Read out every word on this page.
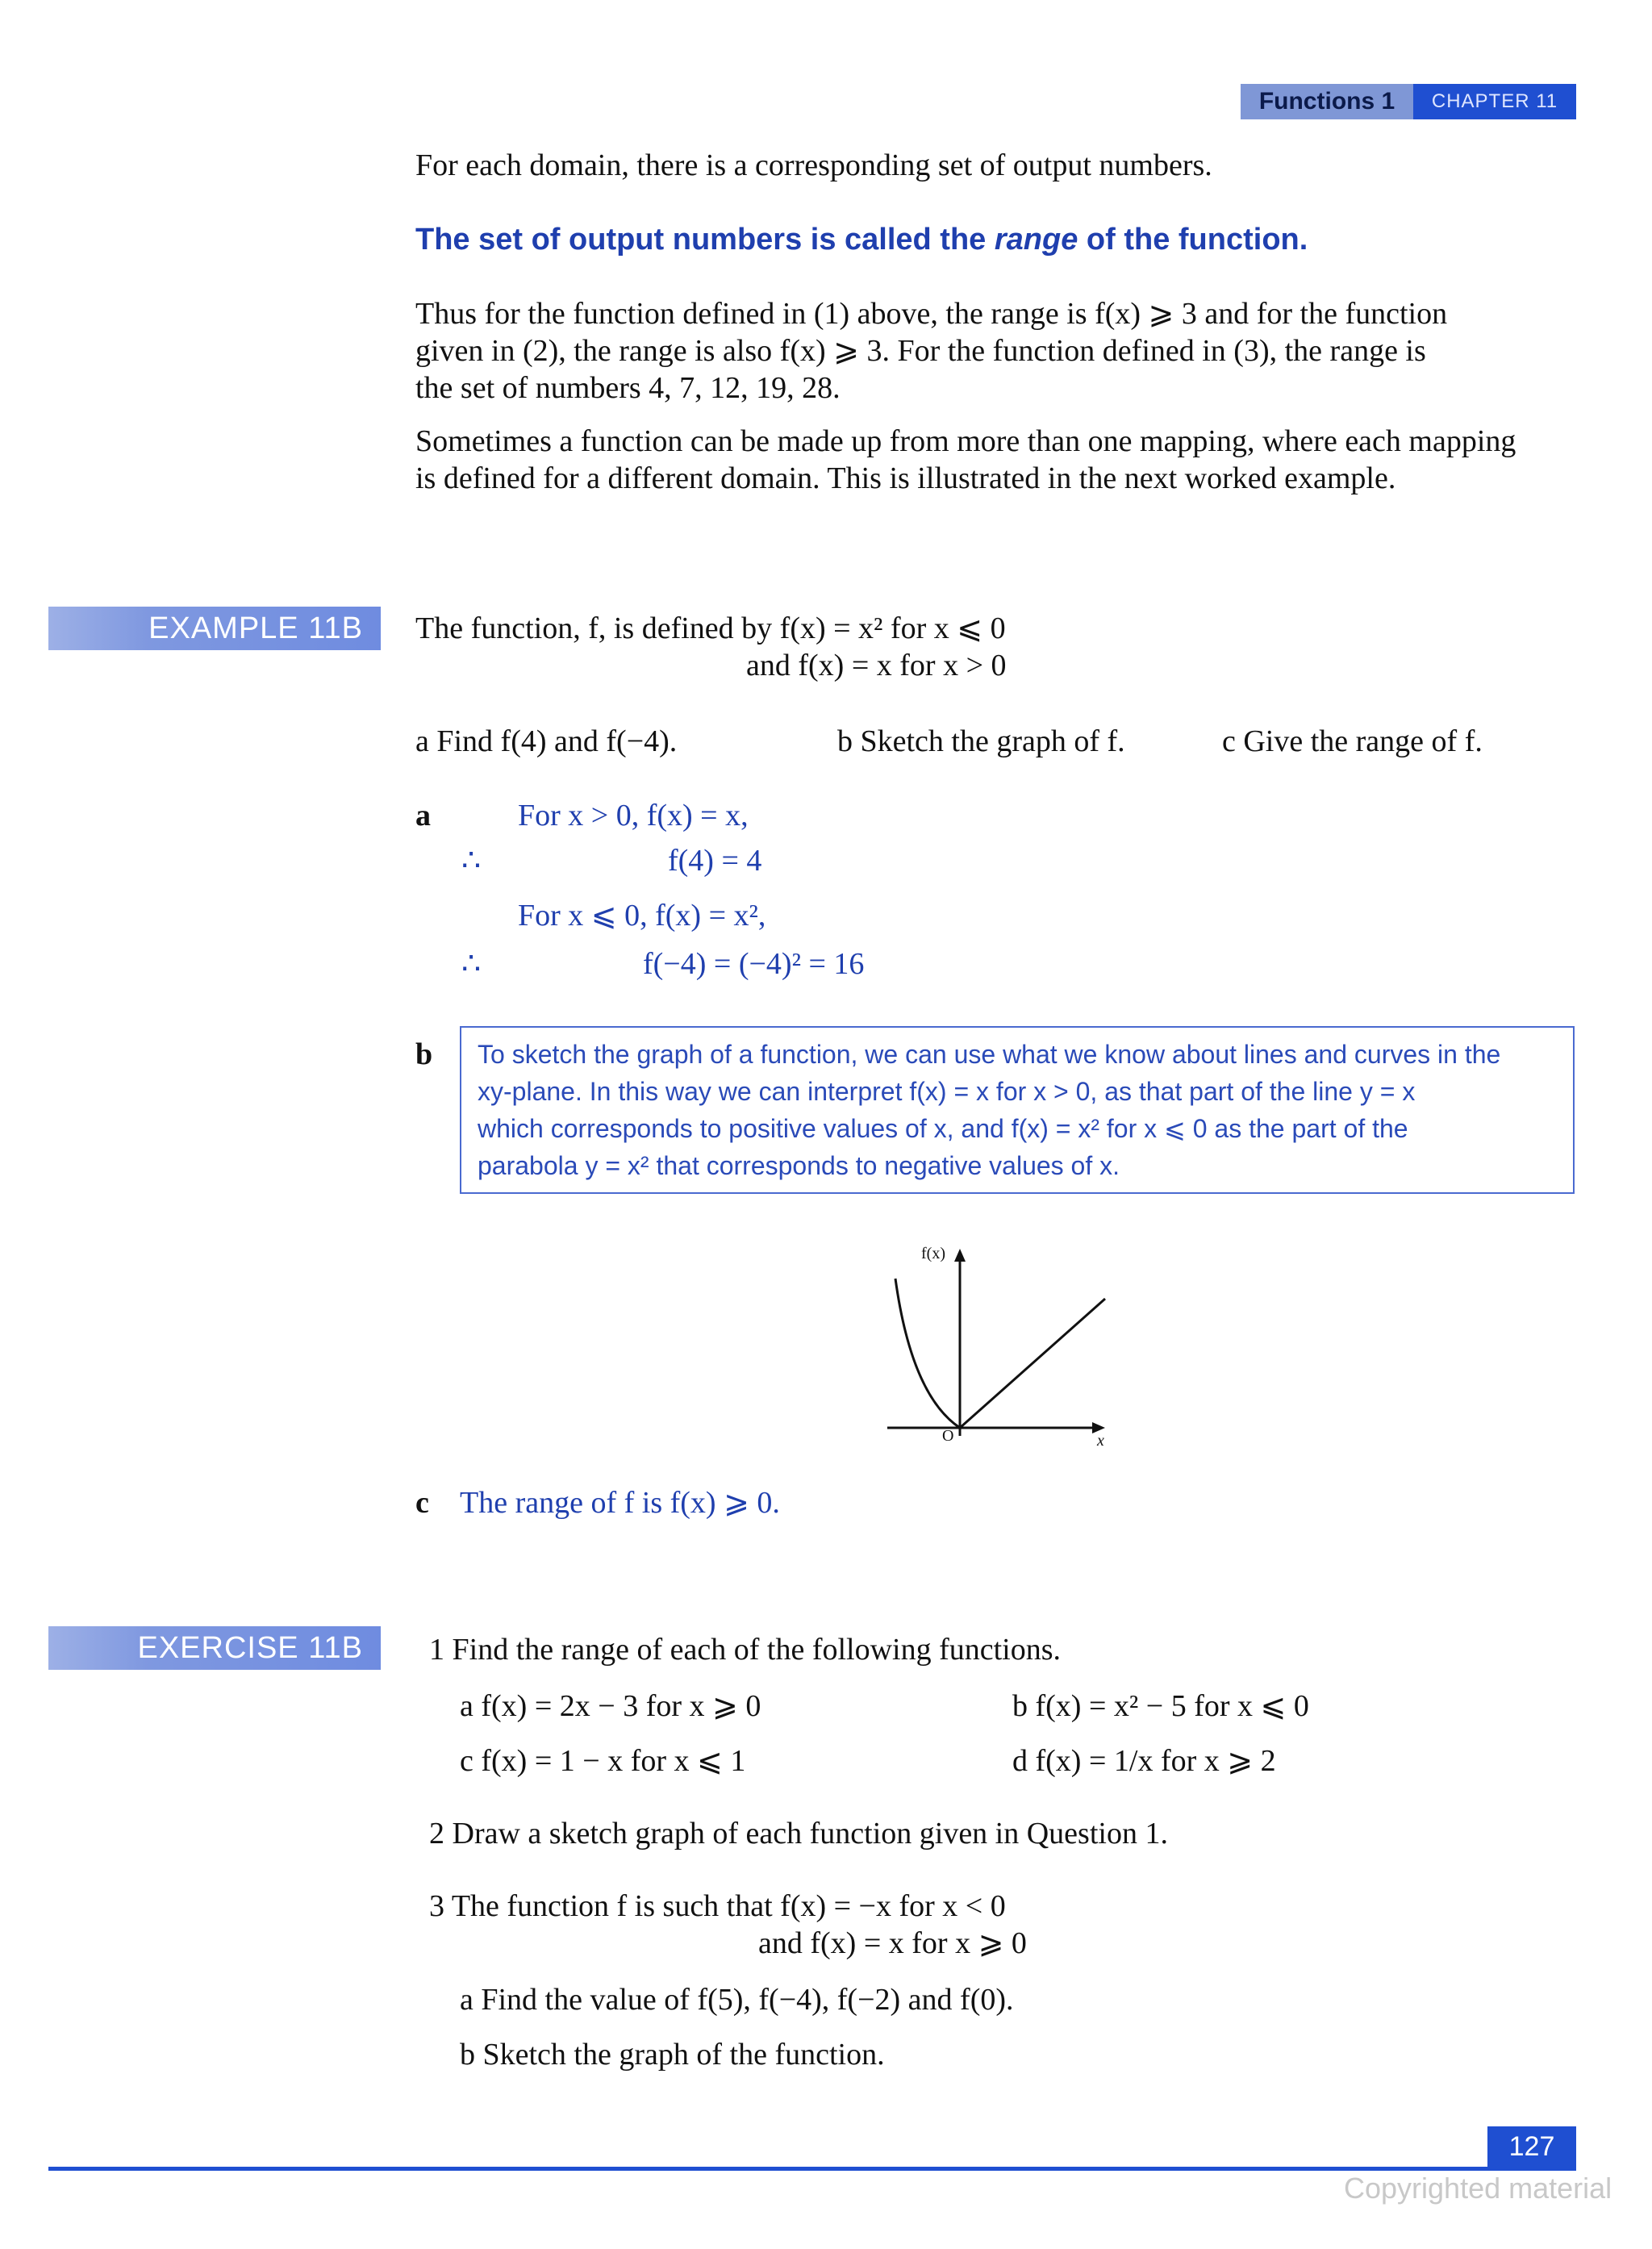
Functions 1	CHAPTER 11
For each domain, there is a corresponding set of output numbers.
The set of output numbers is called the range of the function.
Thus for the function defined in (1) above, the range is f(x) ⩾ 3 and for the function
given in (2), the range is also f(x) ⩾ 3. For the function defined in (3), the range is
the set of numbers 4, 7, 12, 19, 28.
Sometimes a function can be made up from more than one mapping, where each mapping
is defined for a different domain. This is illustrated in the next worked example.
EXAMPLE 11B	The function, f, is defined by f(x) = x² for x ⩽ 0
and f(x) = x for x > 0
a Find f(4) and f(−4).	b Sketch the graph of f.	c Give the range of f.
a	For x > 0, f(x) = x,
∴	f(4) = 4
For x ⩽ 0, f(x) = x²,
∴	f(−4) = (−4)² = 16
b To sketch the graph of a function, we can use what we know about lines and curves in the
xy-plane. In this way we can interpret f(x) = x for x > 0, as that part of the line y = x
which corresponds to positive values of x, and f(x) = x² for x ⩽ 0 as the part of the
parabola y = x² that corresponds to negative values of x.
f(x)
x
O
c The range of f is f(x) ⩾ 0.
EXERCISE 11B	1 Find the range of each of the following functions.
a f(x) = 2x − 3 for x ⩾ 0	b f(x) = x² − 5 for x ⩽ 0
c f(x) = 1 − x for x ⩽ 1	d f(x) = 1/x for x ⩾ 2
2 Draw a sketch graph of each function given in Question 1.
3 The function f is such that f(x) = −x for x < 0
and f(x) = x for x ⩾ 0
a Find the value of f(5), f(−4), f(−2) and f(0).
b Sketch the graph of the function.
127
Copyrighted material
